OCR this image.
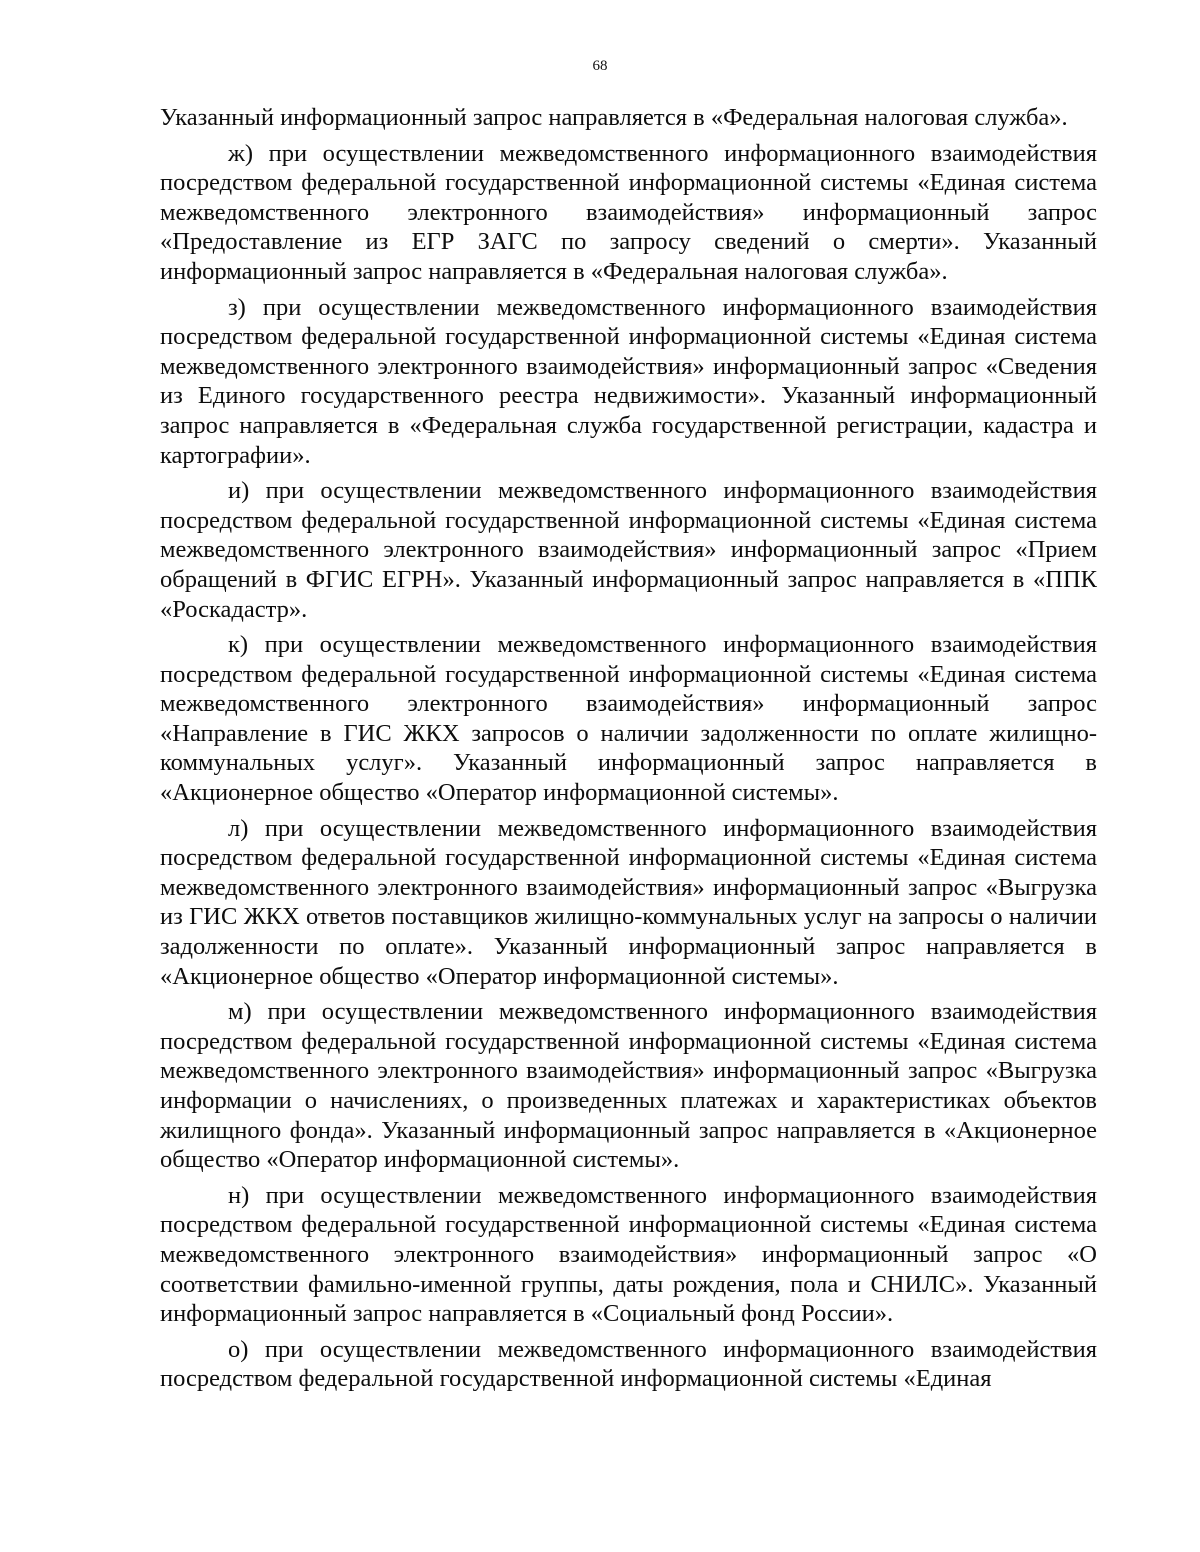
68

Указанный информационный запрос направляется в «Федеральная налоговая служба».

ж) при осуществлении межведомственного информационного взаимодействия посредством федеральной государственной информационной системы «Единая система межведомственного электронного взаимодействия» информационный запрос «Предоставление из ЕГР ЗАГС по запросу сведений о смерти». Указанный информационный запрос направляется в «Федеральная налоговая служба».

з) при осуществлении межведомственного информационного взаимодействия посредством федеральной государственной информационной системы «Единая система межведомственного электронного взаимодействия» информационный запрос «Сведения из Единого государственного реестра недвижимости». Указанный информационный запрос направляется в «Федеральная служба государственной регистрации, кадастра и картографии».

и) при осуществлении межведомственного информационного взаимодействия посредством федеральной государственной информационной системы «Единая система межведомственного электронного взаимодействия» информационный запрос «Прием обращений в ФГИС ЕГРН». Указанный информационный запрос направляется в «ППК «Роскадастр».

к) при осуществлении межведомственного информационного взаимодействия посредством федеральной государственной информационной системы «Единая система межведомственного электронного взаимодействия» информационный запрос «Направление в ГИС ЖКХ запросов о наличии задолженности по оплате жилищно-коммунальных услуг». Указанный информационный запрос направляется в «Акционерное общество «Оператор информационной системы».

л) при осуществлении межведомственного информационного взаимодействия посредством федеральной государственной информационной системы «Единая система межведомственного электронного взаимодействия» информационный запрос «Выгрузка из ГИС ЖКХ ответов поставщиков жилищно-коммунальных услуг на запросы о наличии задолженности по оплате». Указанный информационный запрос направляется в «Акционерное общество «Оператор информационной системы».

м) при осуществлении межведомственного информационного взаимодействия посредством федеральной государственной информационной системы «Единая система межведомственного электронного взаимодействия» информационный запрос «Выгрузка информации о начислениях, о произведенных платежах и характеристиках объектов жилищного фонда». Указанный информационный запрос направляется в «Акционерное общество «Оператор информационной системы».

н) при осуществлении межведомственного информационного взаимодействия посредством федеральной государственной информационной системы «Единая система межведомственного электронного взаимодействия» информационный запрос «О соответствии фамильно-именной группы, даты рождения, пола и СНИЛС». Указанный информационный запрос направляется в «Социальный фонд России».

о) при осуществлении межведомственного информационного взаимодействия посредством федеральной государственной информационной системы «Единая
